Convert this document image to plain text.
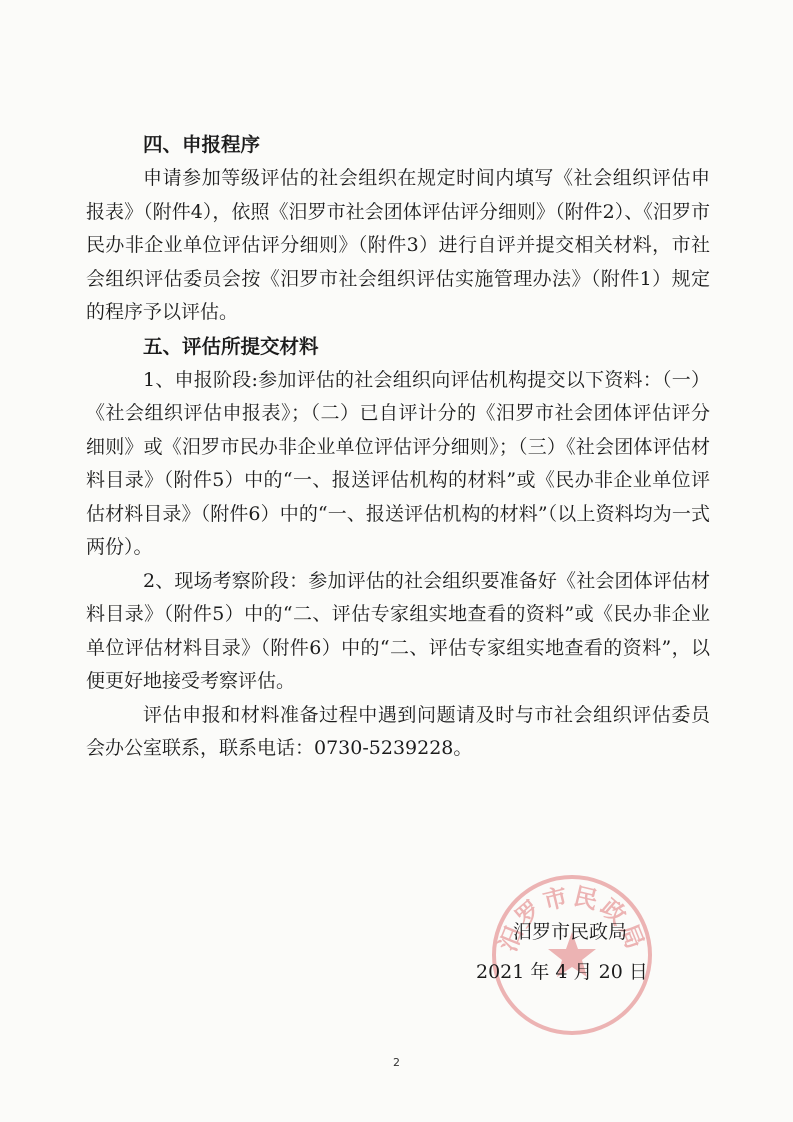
四、申报程序

申请参加等级评估的社会组织在规定时间内填写《社会组织评估申报表》（附件4），依照《汨罗市社会团体评估评分细则》（附件2）、《汨罗市民办非企业单位评估评分细则》（附件3）进行自评并提交相关材料，市社会组织评估委员会按《汨罗市社会组织评估实施管理办法》（附件1）规定的程序予以评估。

五、评估所提交材料

1、申报阶段:参加评估的社会组织向评估机构提交以下资料：（一）《社会组织评估申报表》；（二）已自评计分的《汨罗市社会团体评估评分细则》或《汨罗市民办非企业单位评估评分细则》；（三）《社会团体评估材料目录》（附件5）中的“一、报送评估机构的材料”或《民办非企业单位评估材料目录》（附件6）中的“一、报送评估机构的材料”（以上资料均为一式两份）。

2、现场考察阶段：参加评估的社会组织要准备好《社会团体评估材料目录》（附件5）中的“二、评估专家组实地查看的资料”或《民办非企业单位评估材料目录》（附件6）中的“二、评估专家组实地查看的资料”，以便更好地接受考察评估。

评估申报和材料准备过程中遇到问题请及时与市社会组织评估委员会办公室联系，联系电话：0730-5239228。

汨罗市民政局
汨罗市民政局
2021 年 4 月 20 日
2
